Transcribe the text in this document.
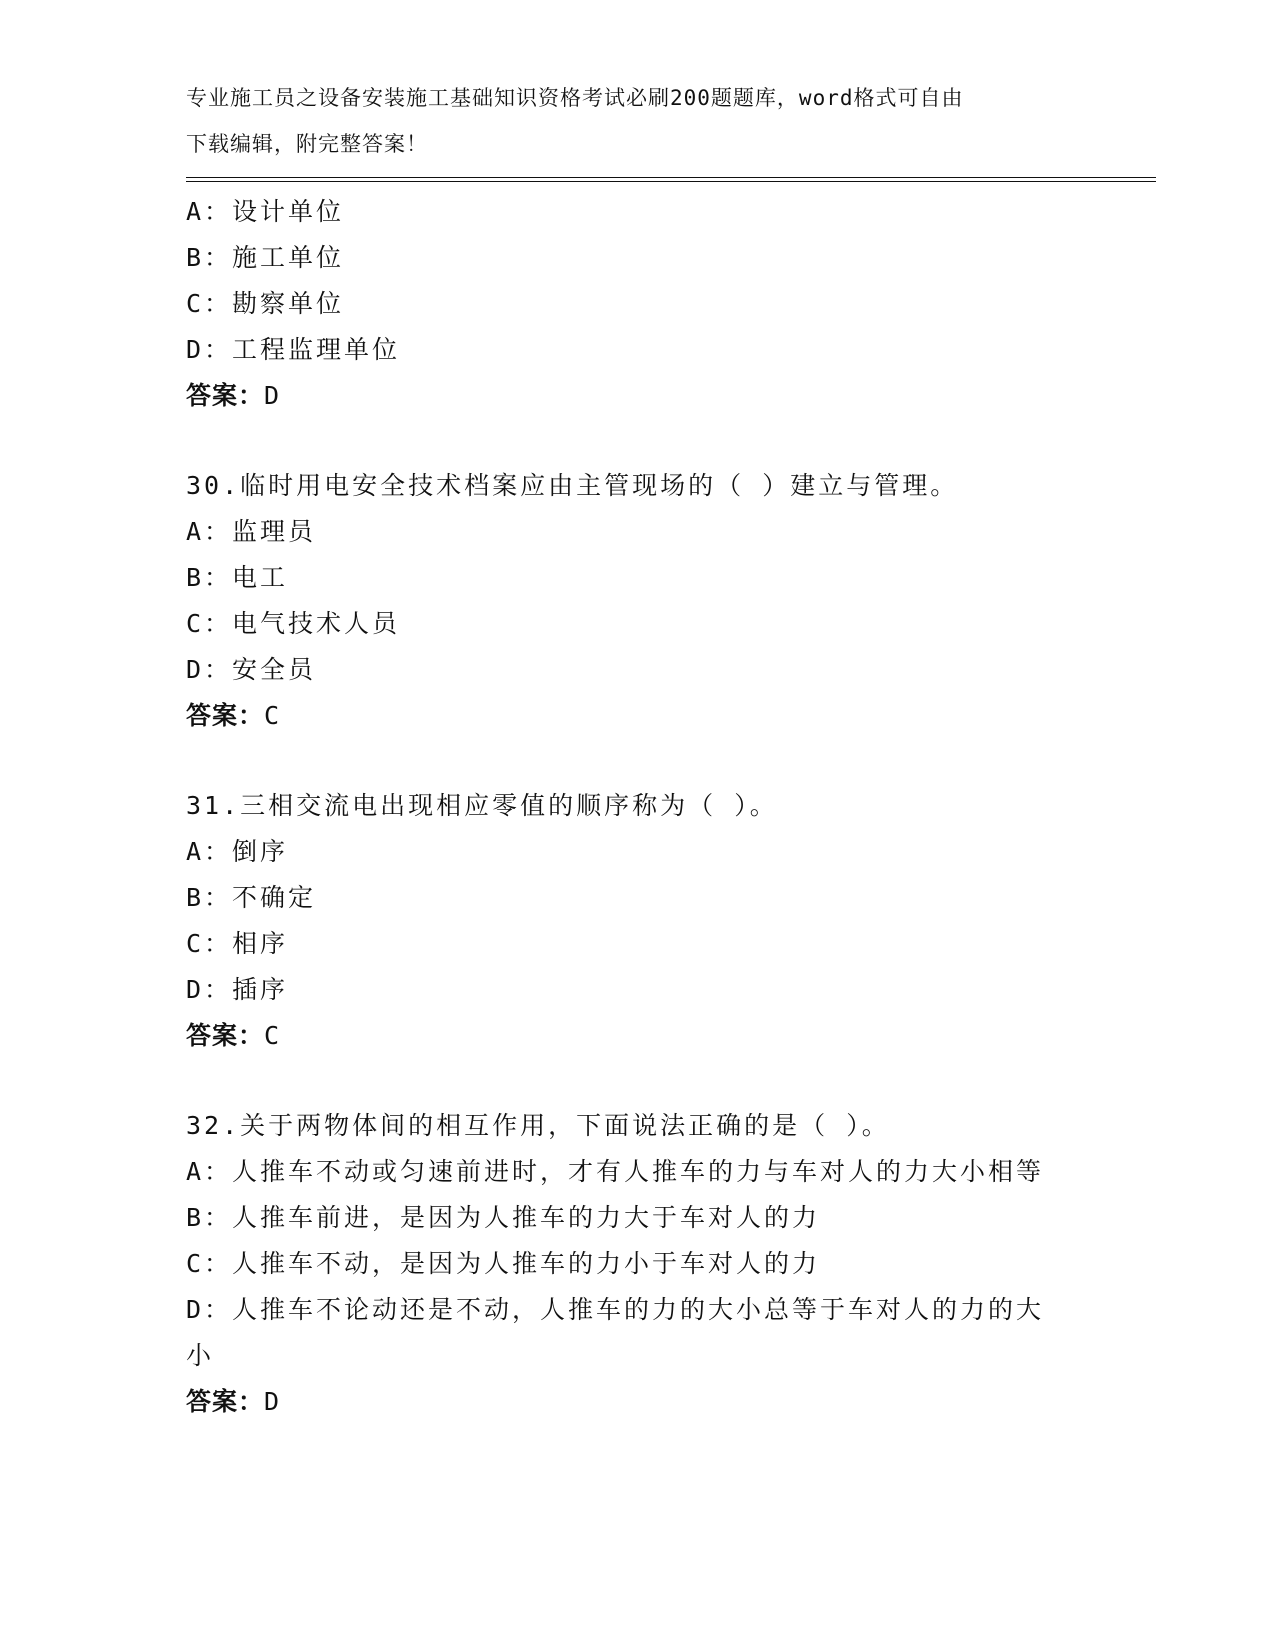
专业施工员之设备安装施工基础知识资格考试必刷200题题库，word格式可自由
下载编辑，附完整答案！
A：设计单位
B：施工单位
C：勘察单位
D：工程监理单位
答案：D
30.临时用电安全技术档案应由主管现场的（ ）建立与管理。
A：监理员
B：电工
C：电气技术人员
D：安全员
答案：C
31.三相交流电出现相应零值的顺序称为（ ）。
A：倒序
B：不确定
C：相序
D：插序
答案：C
32.关于两物体间的相互作用，下面说法正确的是（ ）。
A：人推车不动或匀速前进时，才有人推车的力与车对人的力大小相等
B：人推车前进，是因为人推车的力大于车对人的力
C：人推车不动，是因为人推车的力小于车对人的力
D：人推车不论动还是不动，人推车的力的大小总等于车对人的力的大
小
答案：D
